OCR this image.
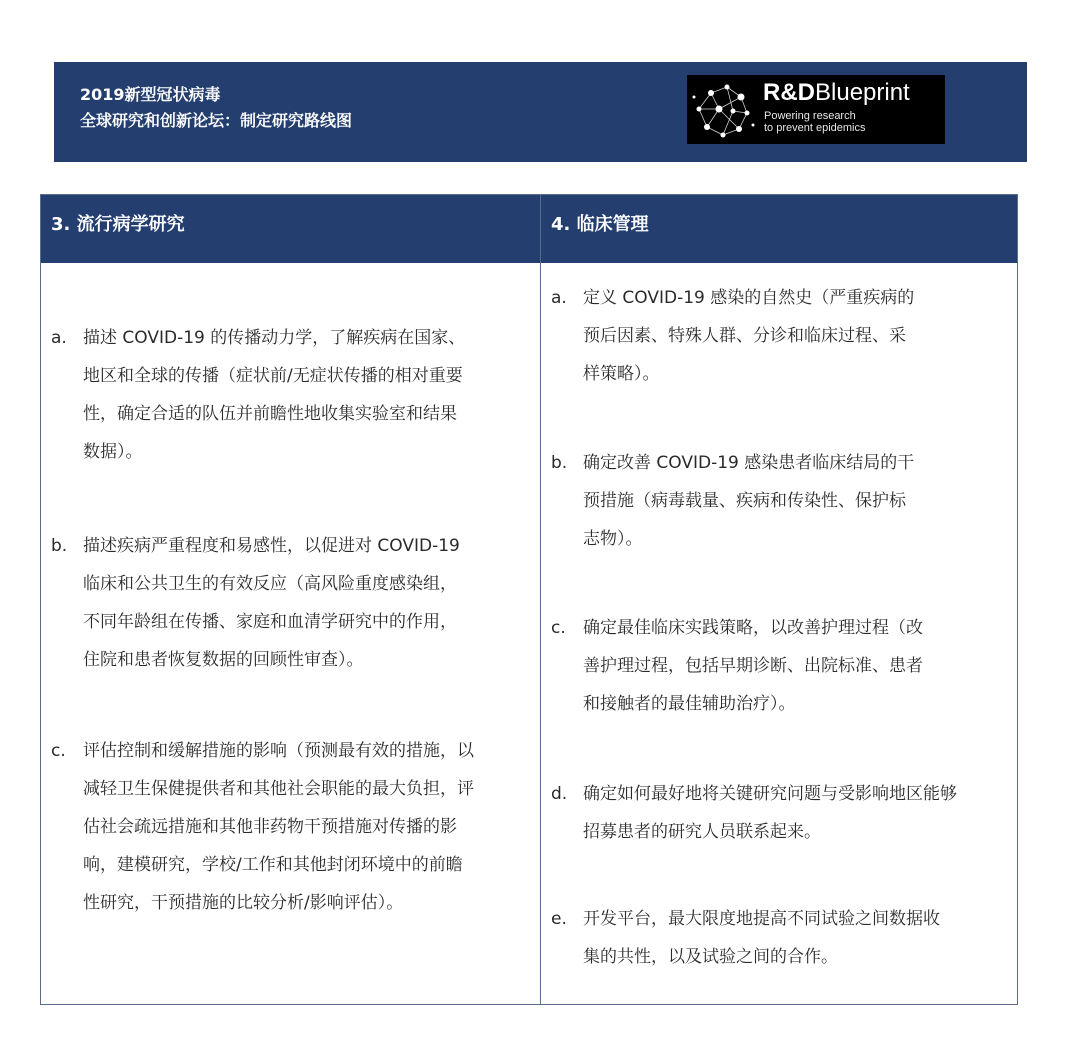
2019新型冠状病毒
全球研究和创新论坛：制定研究路线图
R&DBlueprint
Powering research
to prevent epidemics
3. 流行病学研究
a. 描述 COVID-19 的传播动力学，了解疾病在国家、
地区和全球的传播（症状前/无症状传播的相对重要
性，确定合适的队伍并前瞻性地收集实验室和结果
数据）。
b. 描述疾病严重程度和易感性，以促进对 COVID-19
临床和公共卫生的有效反应（高风险重度感染组，
不同年龄组在传播、家庭和血清学研究中的作用，
住院和患者恢复数据的回顾性审查）。
c. 评估控制和缓解措施的影响（预测最有效的措施，以
减轻卫生保健提供者和其他社会职能的最大负担，评
估社会疏远措施和其他非药物干预措施对传播的影
响，建模研究，学校/工作和其他封闭环境中的前瞻
性研究，干预措施的比较分析/影响评估）。
4. 临床管理
a. 定义 COVID-19 感染的自然史（严重疾病的
预后因素、特殊人群、分诊和临床过程、采
样策略）。
b. 确定改善 COVID-19 感染患者临床结局的干
预措施（病毒载量、疾病和传染性、保护标
志物）。
c. 确定最佳临床实践策略，以改善护理过程（改
善护理过程，包括早期诊断、出院标准、患者
和接触者的最佳辅助治疗）。
d. 确定如何最好地将关键研究问题与受影响地区能够
招募患者的研究人员联系起来。
e. 开发平台，最大限度地提高不同试验之间数据收
集的共性，以及试验之间的合作。
